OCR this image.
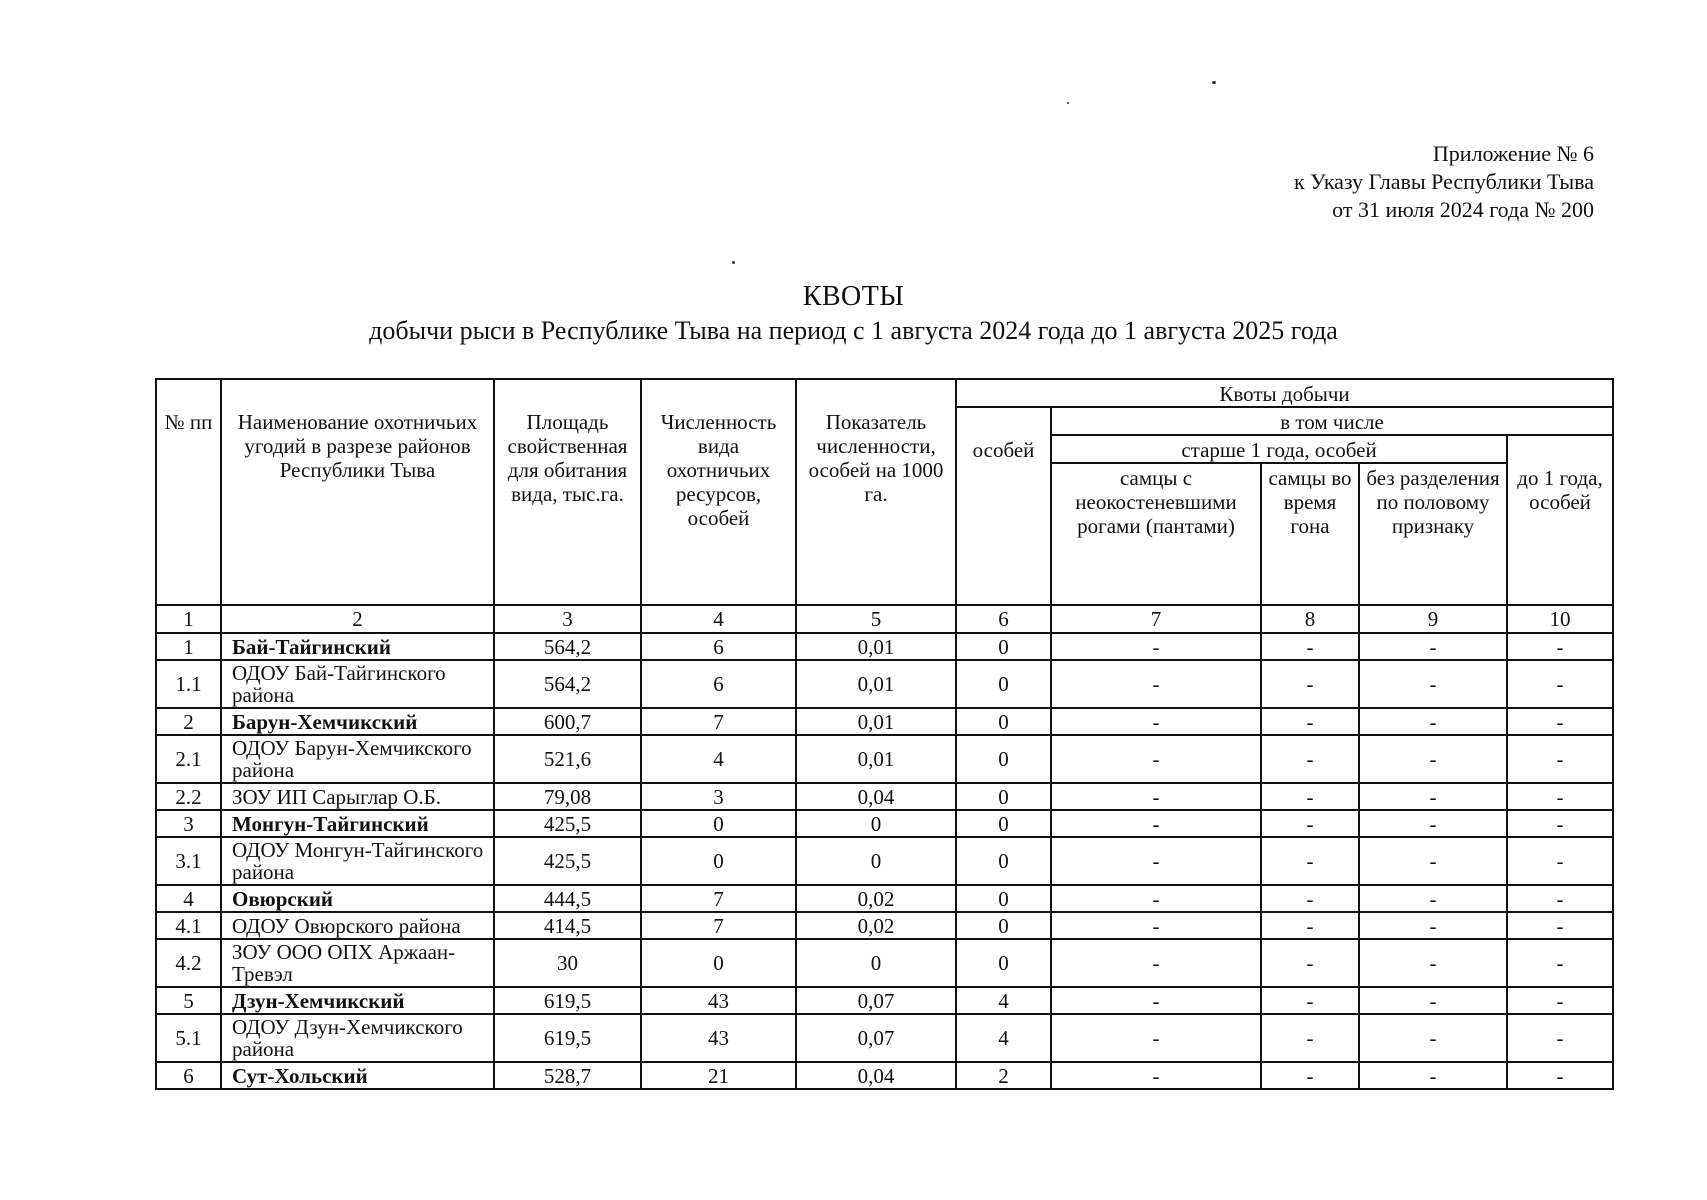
Приложение № 6
к Указу Главы Республики Тыва
от 31 июля 2024 года № 200
КВОТЫ
добычи рыси в Республике Тыва на период с 1 августа 2024 года до 1 августа 2025 года
№ пп	Наименование охотничьих угодий в разрезе районов Республики Тыва	Площадь свойственная для обитания вида, тыс.га.	Численность вида охотничьих ресурсов, особей	Показатель численности, особей на 1000 га.	Квоты добычи				
					особей	в том числе			
						старше 1 года, особей			до 1 года, особей
						самцы с неокостеневшими рогами (пантами)	самцы во время гона	без разделения по половому признаку	
1	2	3	4	5	6	7	8	9	10
1	Бай-Тайгинский	564,2	6	0,01	0	-	-	-	-
1.1	ОДОУ Бай-Тайгинского района	564,2	6	0,01	0	-	-	-	-
2	Барун-Хемчикский	600,7	7	0,01	0	-	-	-	-
2.1	ОДОУ Барун-Хемчикского района	521,6	4	0,01	0	-	-	-	-
2.2	ЗОУ ИП Сарыглар О.Б.	79,08	3	0,04	0	-	-	-	-
3	Монгун-Тайгинский	425,5	0	0	0	-	-	-	-
3.1	ОДОУ Монгун-Тайгинского района	425,5	0	0	0	-	-	-	-
4	Овюрский	444,5	7	0,02	0	-	-	-	-
4.1	ОДОУ Овюрского района	414,5	7	0,02	0	-	-	-	-
4.2	ЗОУ ООО ОПХ Аржаан-Тревэл	30	0	0	0	-	-	-	-
5	Дзун-Хемчикский	619,5	43	0,07	4	-	-	-	-
5.1	ОДОУ Дзун-Хемчикского района	619,5	43	0,07	4	-	-	-	-
6	Сут-Хольский	528,7	21	0,04	2	-	-	-	-
